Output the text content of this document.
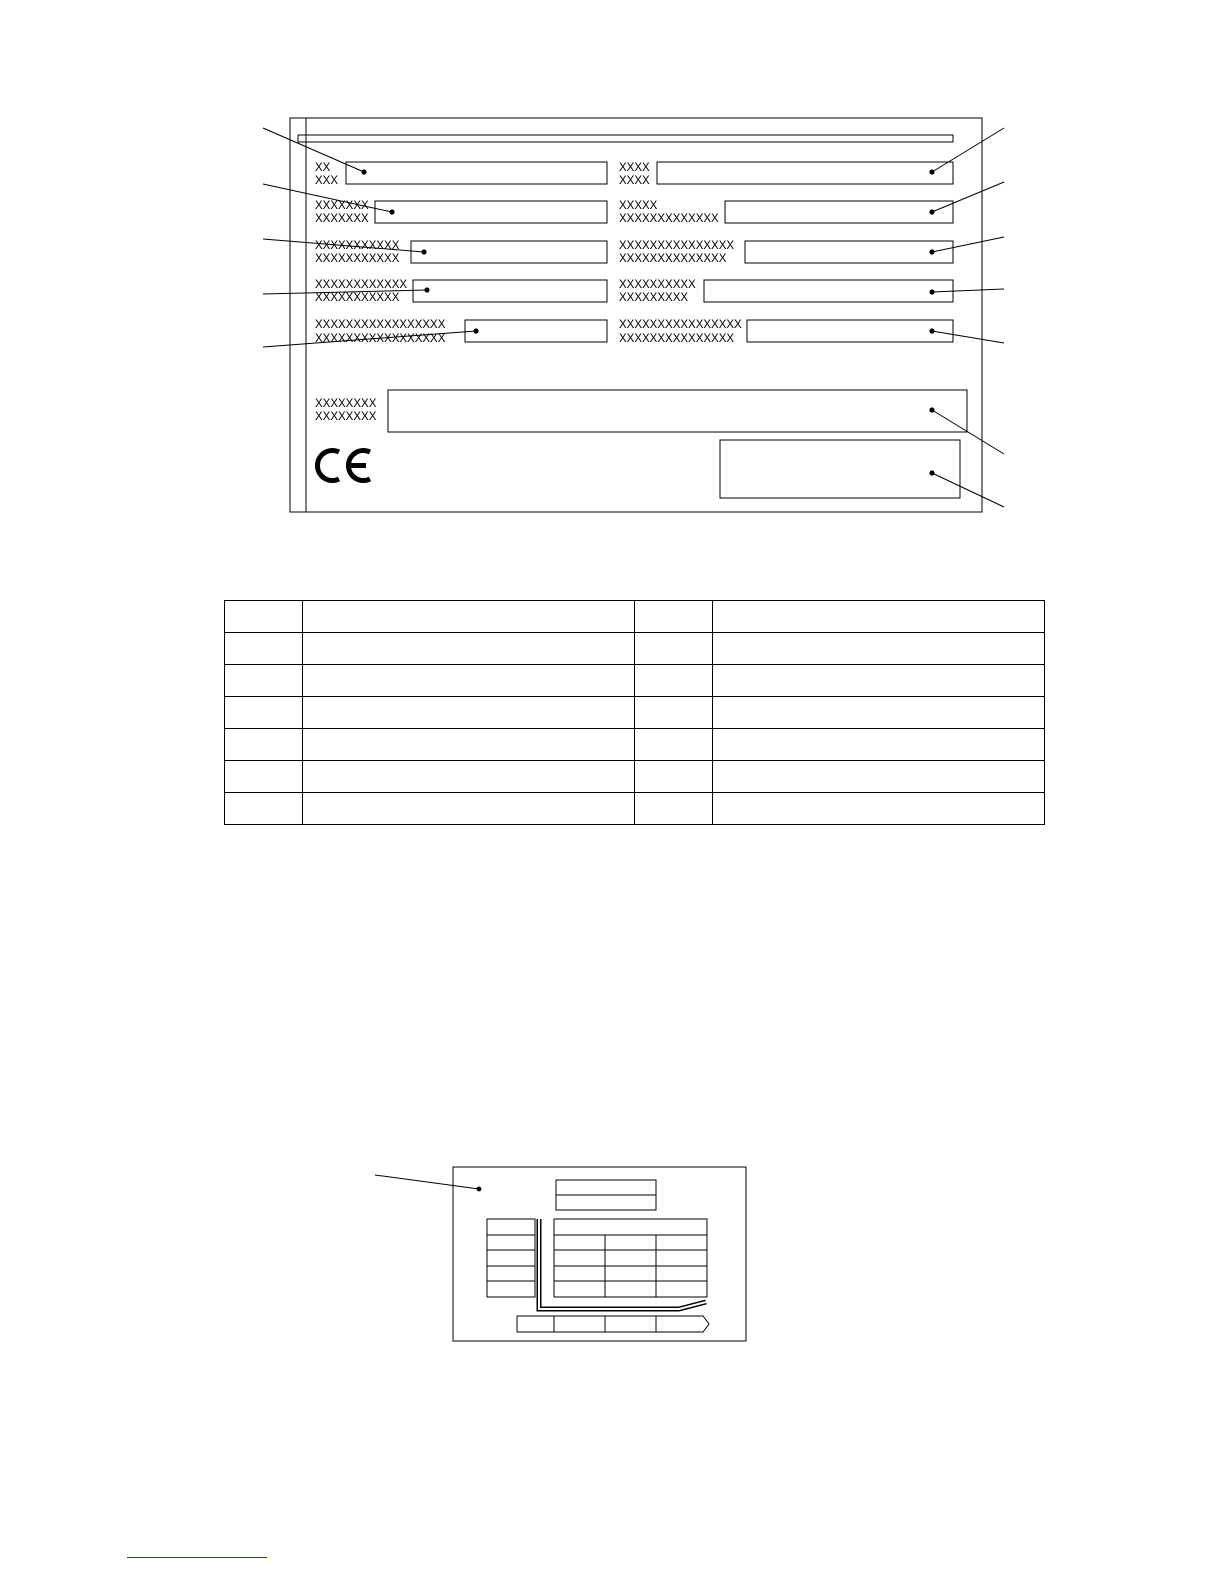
XX
XXX
XXXXXXX
XXXXXXX
XXXXXXXXXXX
XXXXXXXXXXX
XXXXXXXXXXXX
XXXXXXXXXXX
XXXXXXXXXXXXXXXXX
XXXXXXXXXXXXXXXXX
XXXX
XXXX
XXXXX
XXXXXXXXXXXXX
XXXXXXXXXXXXXXX
XXXXXXXXXXXXXX
XXXXXXXXXX
XXXXXXXXX
XXXXXXXXXXXXXXXX
XXXXXXXXXXXXXXX
XXXXXXXX
XXXXXXXX
